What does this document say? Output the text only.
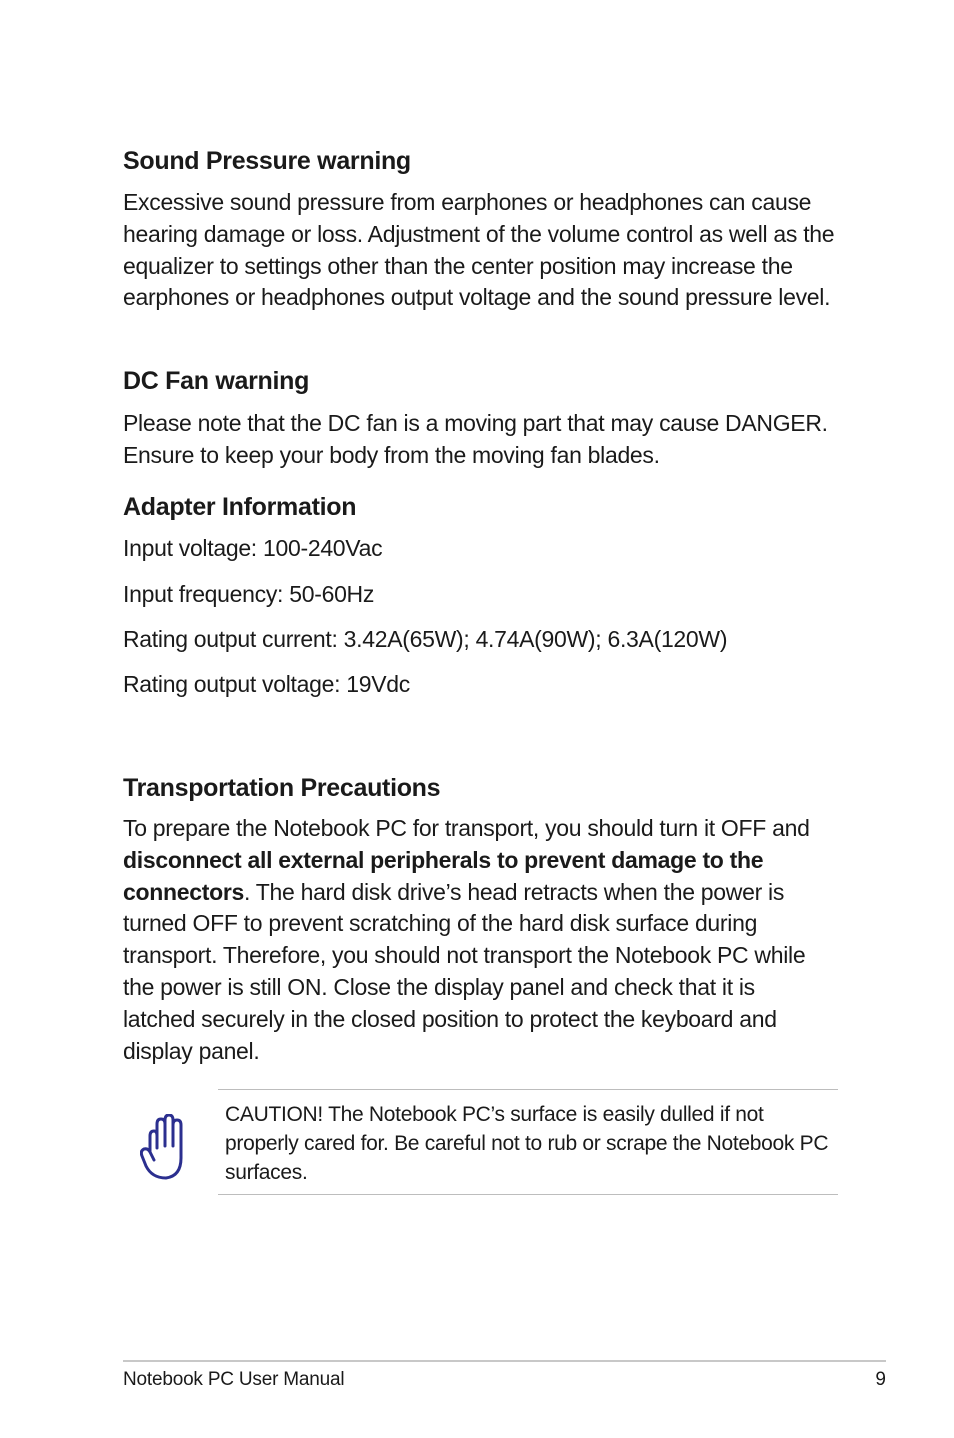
Sound Pressure warning
Excessive sound pressure from earphones or headphones can cause hearing damage or loss. Adjustment of the volume control as well as the equalizer to settings other than the center position may increase the earphones or headphones output voltage and the sound pressure level.
DC Fan warning
Please note that the DC fan is a moving part that may cause DANGER. Ensure to keep your body from the moving fan blades.
Adapter Information
Input voltage: 100-240Vac
Input frequency: 50-60Hz
Rating output current: 3.42A(65W); 4.74A(90W); 6.3A(120W)
Rating output voltage: 19Vdc
Transportation Precautions
To prepare the Notebook PC for transport, you should turn it OFF and disconnect all external peripherals to prevent damage to the connectors. The hard disk drive’s head retracts when the power is turned OFF to prevent scratching of the hard disk surface during transport. Therefore, you should not transport the Notebook PC while the power is still ON. Close the display panel and check that it is latched securely in the closed position to protect the keyboard and display panel.
CAUTION! The Notebook PC’s surface is easily dulled if not properly cared for. Be careful not to rub or scrape the Notebook PC surfaces.
Notebook PC User Manual	9
